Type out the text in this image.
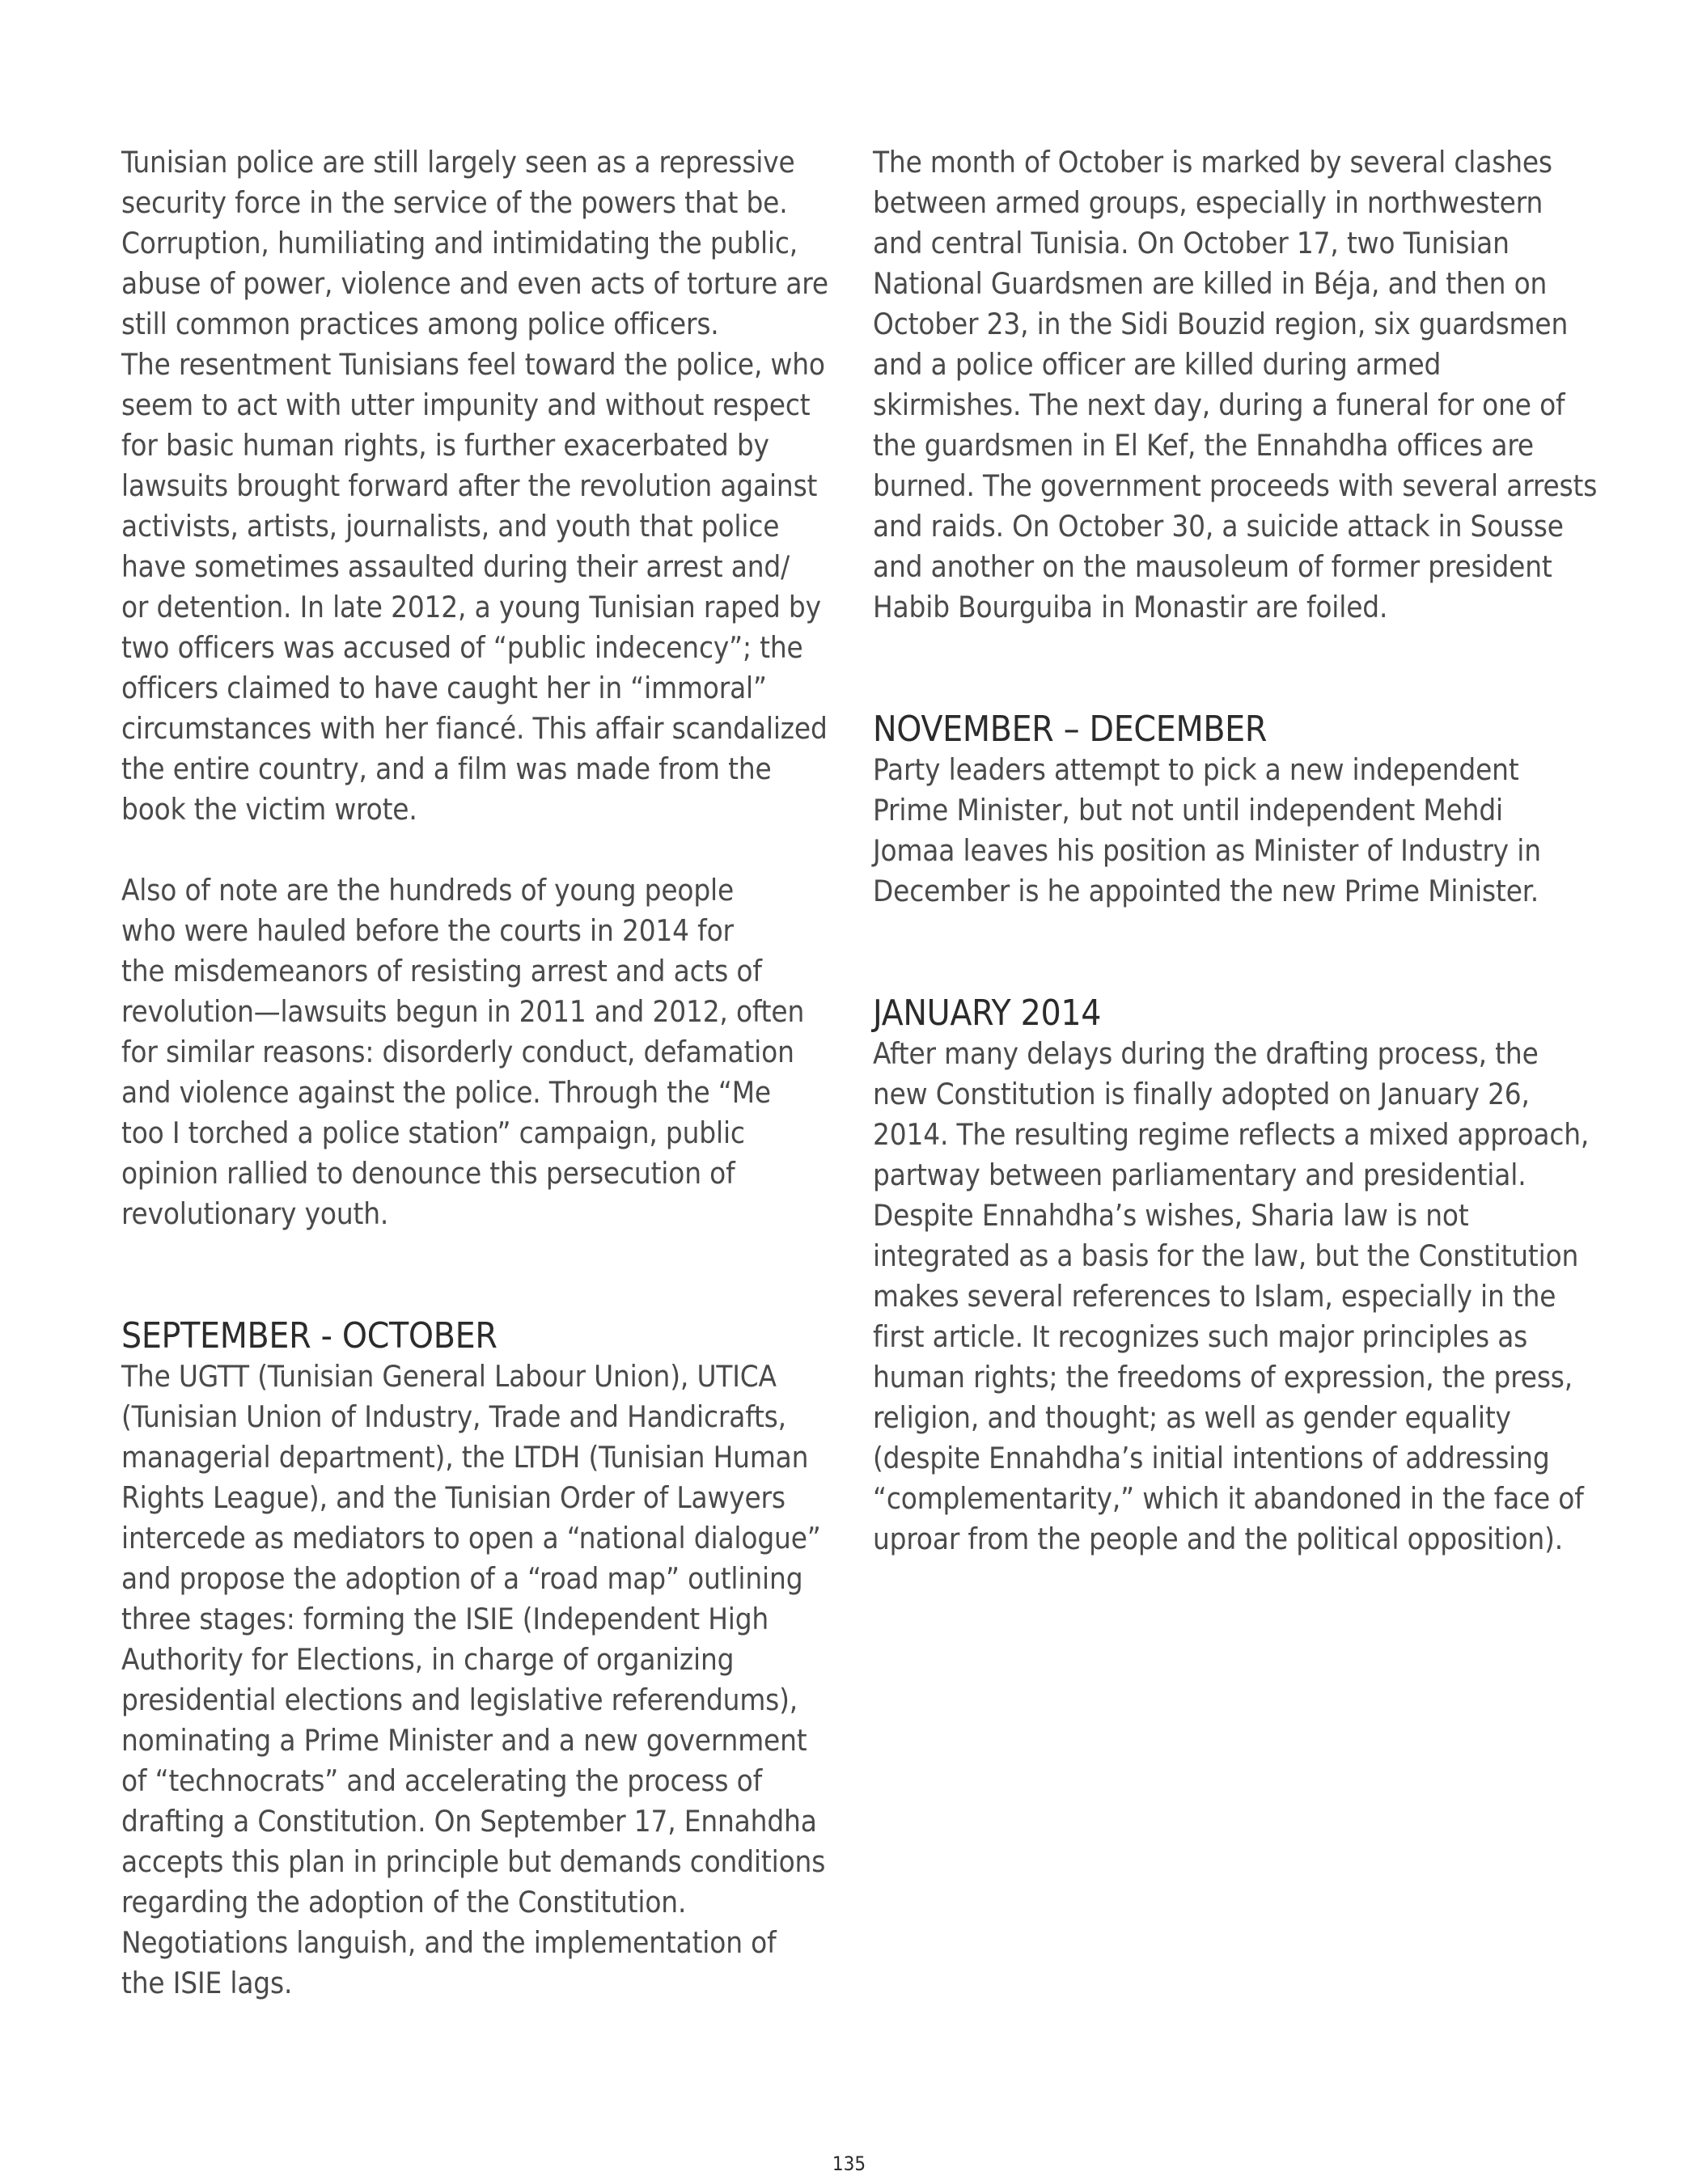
Tunisian police are still largely seen as a repressive
security force in the service of the powers that be.
Corruption, humiliating and intimidating the public,
abuse of power, violence and even acts of torture are
still common practices among police officers.
The resentment Tunisians feel toward the police, who
seem to act with utter impunity and without respect
for basic human rights, is further exacerbated by
lawsuits brought forward after the revolution against
activists, artists, journalists, and youth that police
have sometimes assaulted during their arrest and/
or detention. In late 2012, a young Tunisian raped by
two officers was accused of “public indecency”; the
officers claimed to have caught her in “immoral”
circumstances with her fiancé. This affair scandalized
the entire country, and a film was made from the
book the victim wrote.

Also of note are the hundreds of young people
who were hauled before the courts in 2014 for
the misdemeanors of resisting arrest and acts of
revolution—lawsuits begun in 2011 and 2012, often
for similar reasons: disorderly conduct, defamation
and violence against the police. Through the “Me
too I torched a police station” campaign, public
opinion rallied to denounce this persecution of
revolutionary youth.

SEPTEMBER - OCTOBER

The UGTT (Tunisian General Labour Union), UTICA
(Tunisian Union of Industry, Trade and Handicrafts,
managerial department), the LTDH (Tunisian Human
Rights League), and the Tunisian Order of Lawyers
intercede as mediators to open a “national dialogue”
and propose the adoption of a “road map” outlining
three stages: forming the ISIE (Independent High
Authority for Elections, in charge of organizing
presidential elections and legislative referendums),
nominating a Prime Minister and a new government
of “technocrats” and accelerating the process of
drafting a Constitution. On September 17, Ennahdha
accepts this plan in principle but demands conditions
regarding the adoption of the Constitution.
Negotiations languish, and the implementation of
the ISIE lags.

The month of October is marked by several clashes
between armed groups, especially in northwestern
and central Tunisia. On October 17, two Tunisian
National Guardsmen are killed in Béja, and then on
October 23, in the Sidi Bouzid region, six guardsmen
and a police officer are killed during armed
skirmishes. The next day, during a funeral for one of
the guardsmen in El Kef, the Ennahdha offices are
burned. The government proceeds with several arrests
and raids. On October 30, a suicide attack in Sousse
and another on the mausoleum of former president
Habib Bourguiba in Monastir are foiled.

NOVEMBER – DECEMBER

Party leaders attempt to pick a new independent
Prime Minister, but not until independent Mehdi
Jomaa leaves his position as Minister of Industry in
December is he appointed the new Prime Minister.

JANUARY 2014

After many delays during the drafting process, the
new Constitution is finally adopted on January 26,
2014. The resulting regime reflects a mixed approach,
partway between parliamentary and presidential.
Despite Ennahdha’s wishes, Sharia law is not
integrated as a basis for the law, but the Constitution
makes several references to Islam, especially in the
first article. It recognizes such major principles as
human rights; the freedoms of expression, the press,
religion, and thought; as well as gender equality
(despite Ennahdha’s initial intentions of addressing
“complementarity,” which it abandoned in the face of
uproar from the people and the political opposition).

135
